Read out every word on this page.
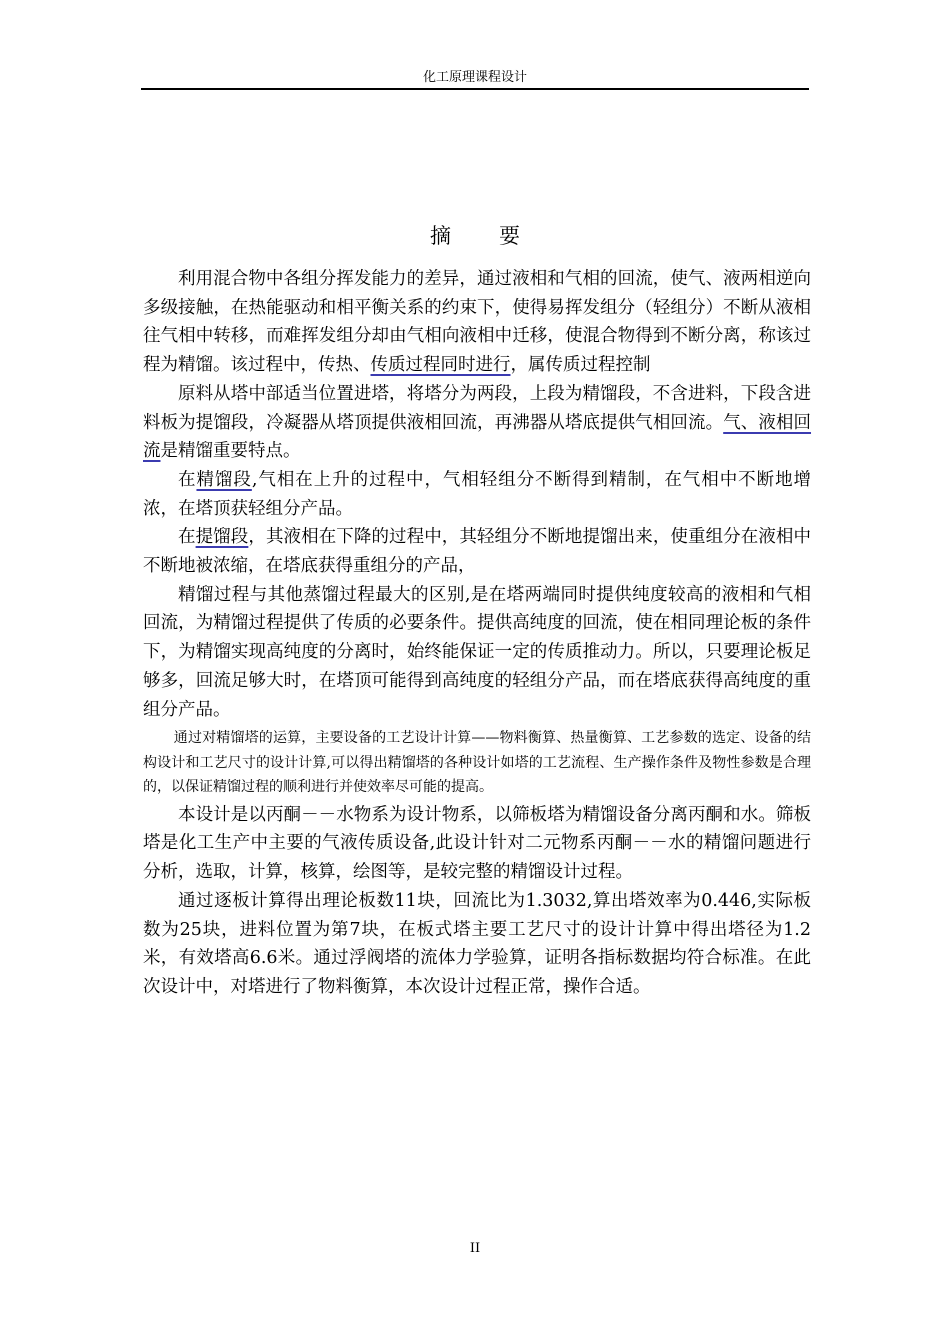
化工原理课程设计
摘要

利用混合物中各组分挥发能力的差异，通过液相和气相的回流，使气、液两相逆向多级接触，在热能驱动和相平衡关系的约束下，使得易挥发组分（轻组分）不断从液相往气相中转移，而难挥发组分却由气相向液相中迁移，使混合物得到不断分离，称该过程为精馏。该过程中，传热、传质过程同时进行，属传质过程控制

原料从塔中部适当位置进塔，将塔分为两段，上段为精馏段，不含进料，下段含进料板为提馏段，冷凝器从塔顶提供液相回流，再沸器从塔底提供气相回流。气、液相回流是精馏重要特点。

在精馏段,气相在上升的过程中，气相轻组分不断得到精制，在气相中不断地增浓，在塔顶获轻组分产品。

在提馏段，其液相在下降的过程中，其轻组分不断地提馏出来，使重组分在液相中不断地被浓缩，在塔底获得重组分的产品，

精馏过程与其他蒸馏过程最大的区别,是在塔两端同时提供纯度较高的液相和气相回流，为精馏过程提供了传质的必要条件。提供高纯度的回流，使在相同理论板的条件下，为精馏实现高纯度的分离时，始终能保证一定的传质推动力。所以，只要理论板足够多，回流足够大时，在塔顶可能得到高纯度的轻组分产品，而在塔底获得高纯度的重组分产品。

通过对精馏塔的运算，主要设备的工艺设计计算——物料衡算、热量衡算、工艺参数的选定、设备的结构设计和工艺尺寸的设计计算,可以得出精馏塔的各种设计如塔的工艺流程、生产操作条件及物性参数是合理的，以保证精馏过程的顺利进行并使效率尽可能的提高。

本设计是以丙酮－－水物系为设计物系，以筛板塔为精馏设备分离丙酮和水。筛板塔是化工生产中主要的气液传质设备,此设计针对二元物系丙酮－－水的精馏问题进行分析，选取，计算，核算，绘图等，是较完整的精馏设计过程。

通过逐板计算得出理论板数11块，回流比为1.3032,算出塔效率为0.446,实际板数为25块，进料位置为第7块，在板式塔主要工艺尺寸的设计计算中得出塔径为1.2米，有效塔高6.6米。通过浮阀塔的流体力学验算，证明各指标数据均符合标准。在此次设计中，对塔进行了物料衡算，本次设计过程正常，操作合适。

II
